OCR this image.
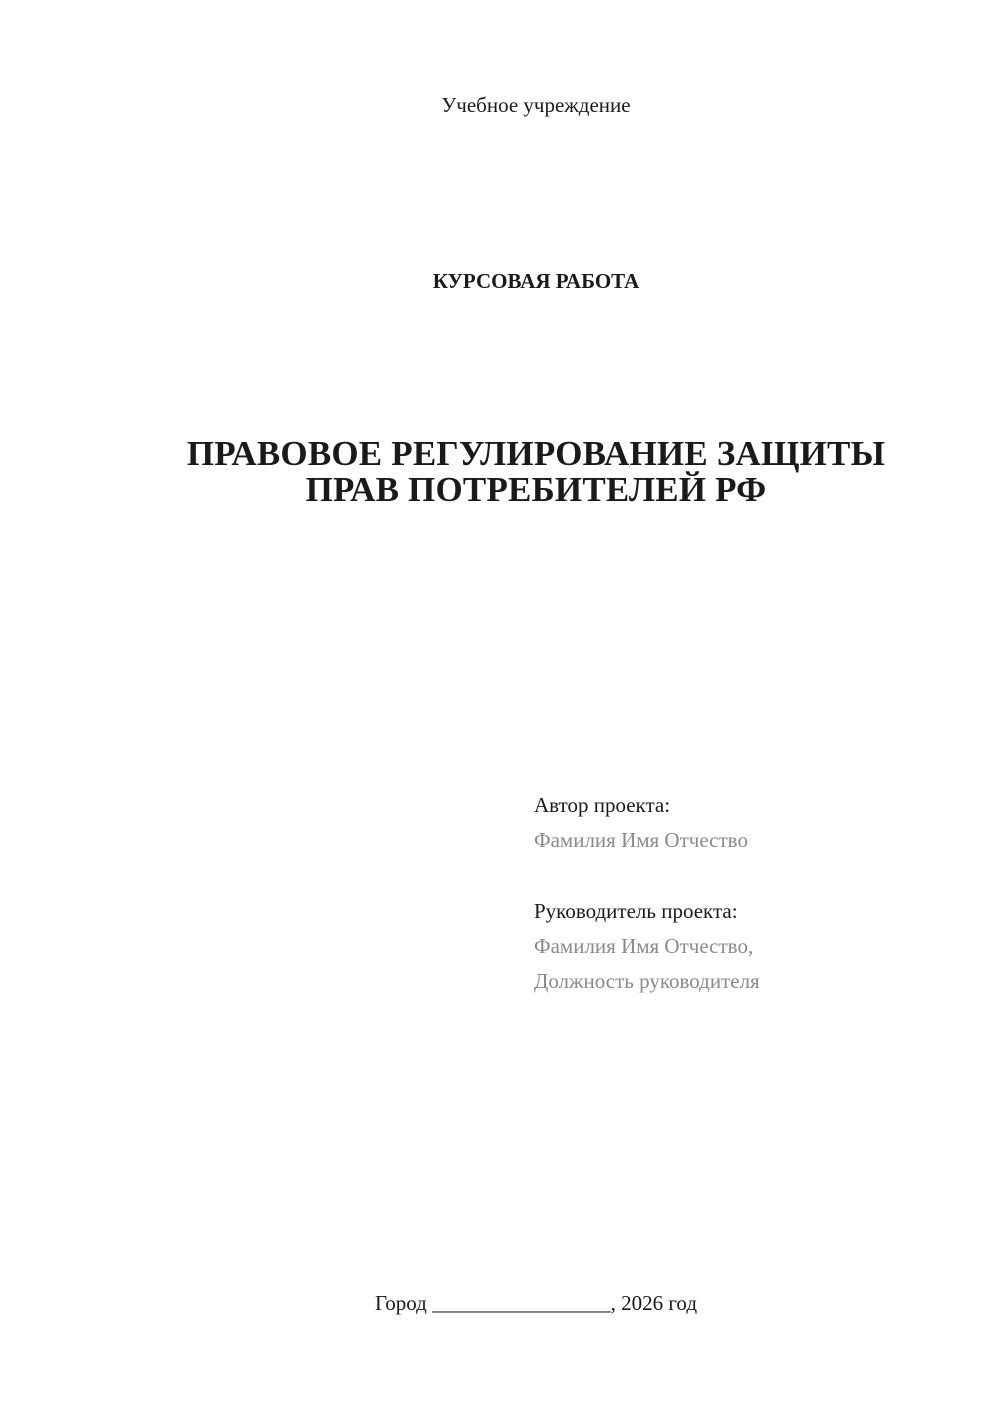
Учебное учреждение
КУРСОВАЯ РАБОТА
ПРАВОВОЕ РЕГУЛИРОВАНИЕ ЗАЩИТЫ
ПРАВ ПОТРЕБИТЕЛЕЙ РФ
Автор проекта:
Фамилия Имя Отчество
Руководитель проекта:
Фамилия Имя Отчество,
Должность руководителя
Город _________________, 2026 год
